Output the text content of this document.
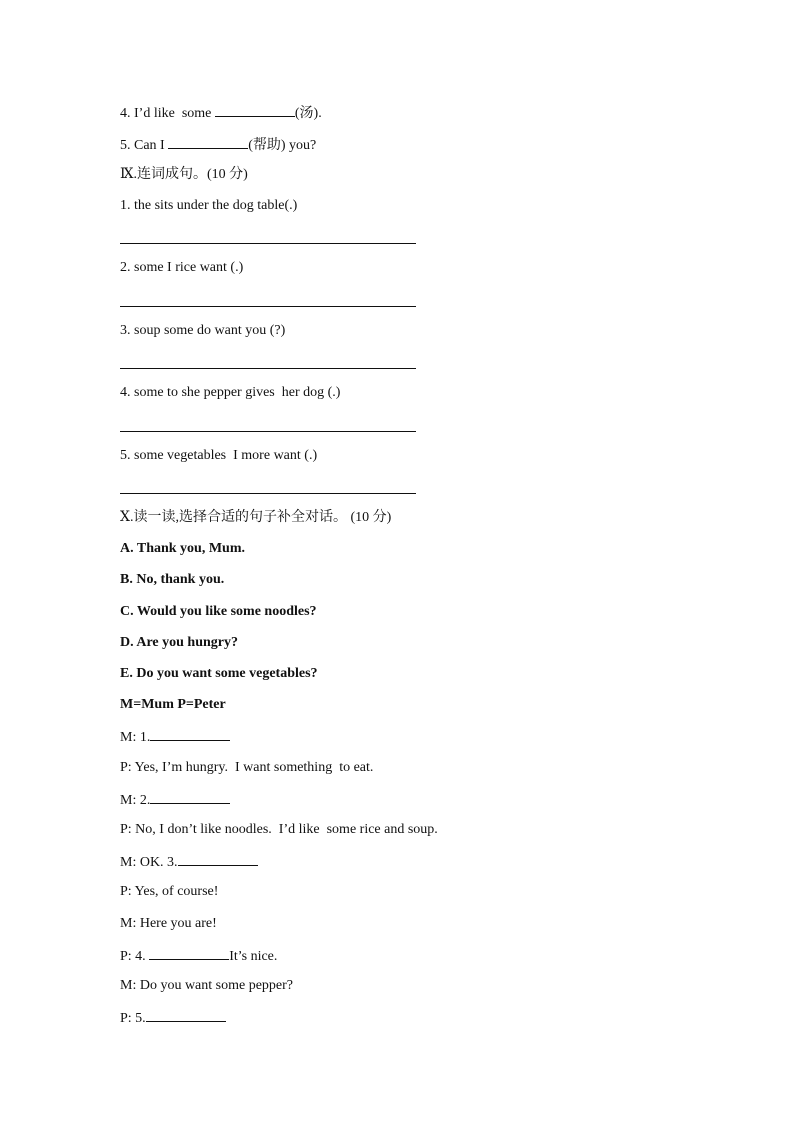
4. I’d like  some	(汤).
5. Can I	(帮助) you?
Ⅸ.连词成句。(10 分)
1. the sits under the dog table(.)
2. some I rice want (.)
3. soup some do want you (?)
4. some to she pepper gives  her dog (.)
5. some vegetables  I more want (.)
Ⅹ.读一读,选择合适的句子补全对话。 (10 分)
A. Thank you, Mum.
B. No, thank you.
C. Would you like some noodles?
D. Are you hungry?
E. Do you want some vegetables?
M=Mum P=Peter
M: 1.
P: Yes, I’m hungry.  I want something  to eat.
M: 2.
P: No, I don’t like noodles.  I’d like  some rice and soup.
M: OK. 3.
P: Yes, of course!
M: Here you are!
P: 4.	It’s nice.
M: Do you want some pepper?
P: 5.
